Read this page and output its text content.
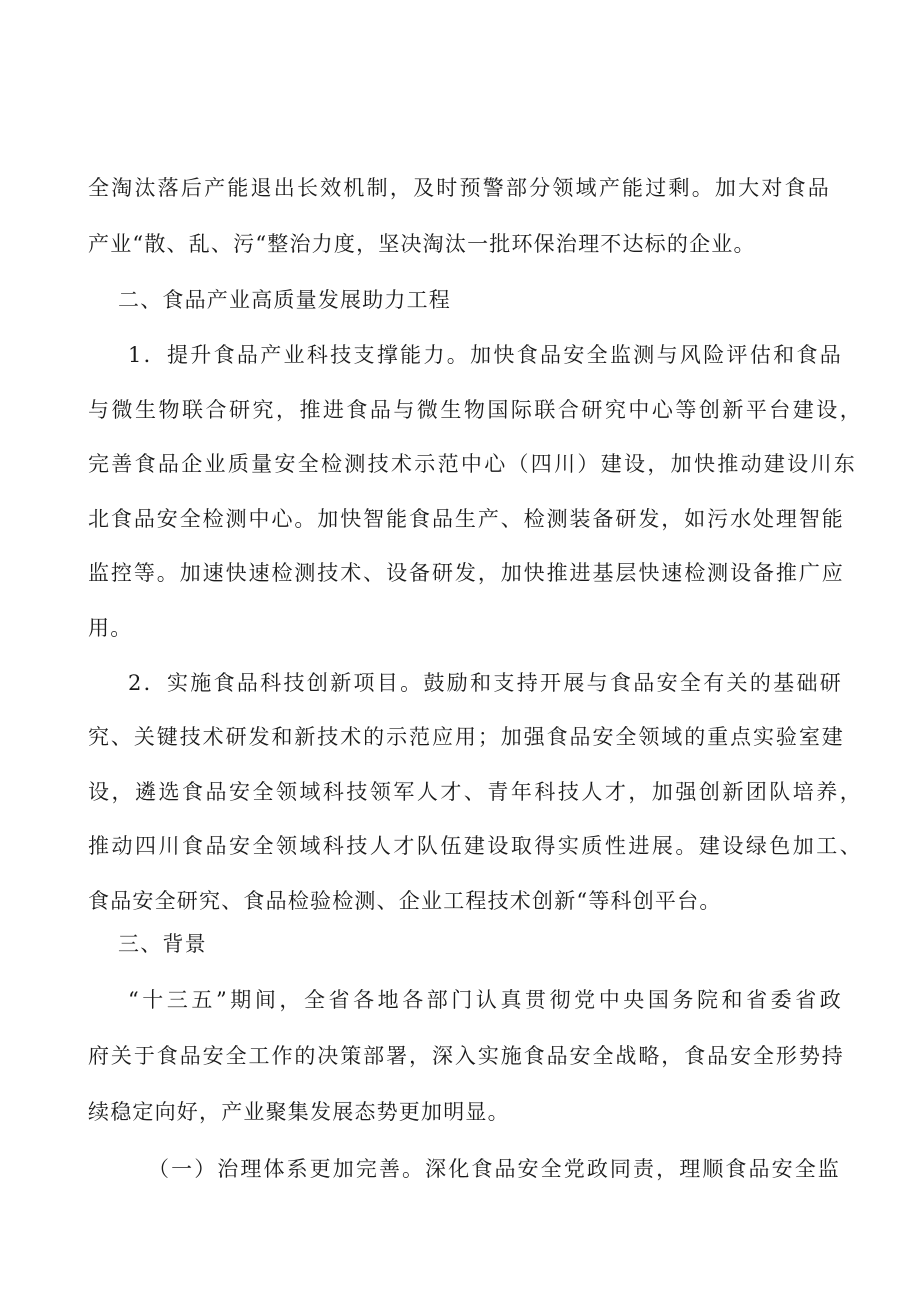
全淘汰落后产能退出长效机制，及时预警部分领域产能过剩。加大对食品

产业“散、乱、污“整治力度，坚决淘汰一批环保治理不达标的企业。

二、食品产业高质量发展助力工程

1．提升食品产业科技支撑能力。加快食品安全监测与风险评估和食品

与微生物联合研究，推进食品与微生物国际联合研究中心等创新平台建设，

完善食品企业质量安全检测技术示范中心（四川）建设，加快推动建设川东

北食品安全检测中心。加快智能食品生产、检测装备研发，如污水处理智能

监控等。加速快速检测技术、设备研发，加快推进基层快速检测设备推广应

用。

2．实施食品科技创新项目。鼓励和支持开展与食品安全有关的基础研

究、关键技术研发和新技术的示范应用；加强食品安全领域的重点实验室建

设，遴选食品安全领域科技领军人才、青年科技人才，加强创新团队培养，

推动四川食品安全领域科技人才队伍建设取得实质性进展。建设绿色加工、

食品安全研究、食品检验检测、企业工程技术创新“等科创平台。

三、背景

“十三五”期间，全省各地各部门认真贯彻党中央国务院和省委省政

府关于食品安全工作的决策部署，深入实施食品安全战略，食品安全形势持

续稳定向好，产业聚集发展态势更加明显。

（一）治理体系更加完善。深化食品安全党政同责，理顺食品安全监
